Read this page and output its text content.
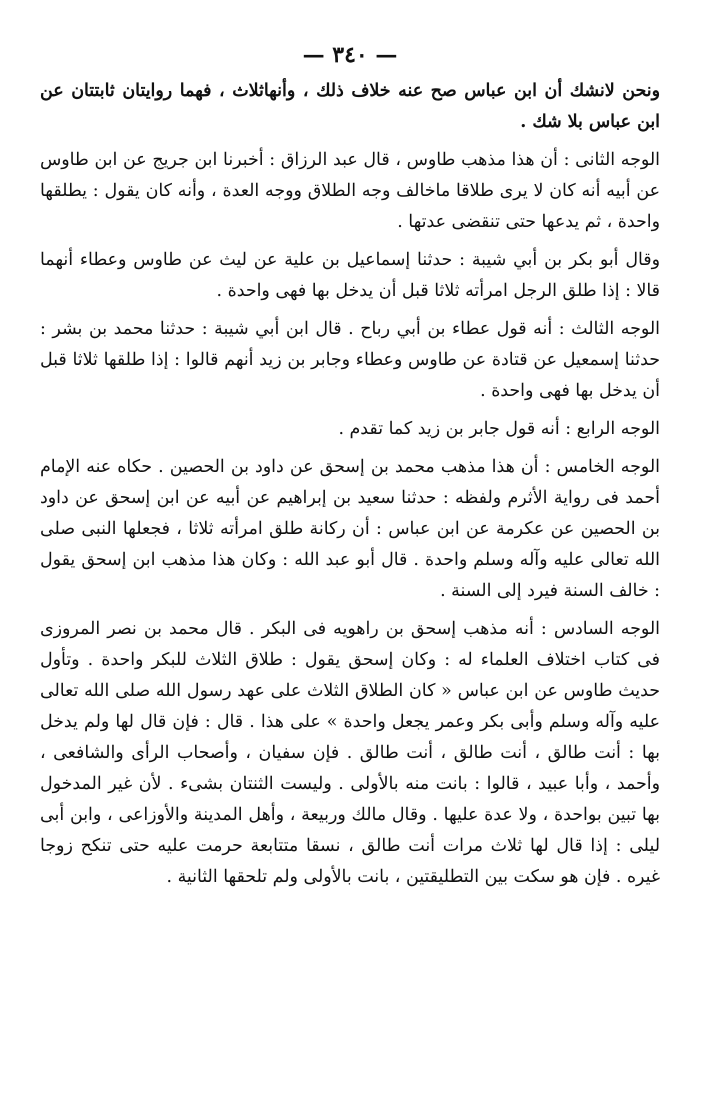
— ٣٤٠ —

ونحن لانشك أن ابن عباس صح عنه خلاف ذلك ، وأنهاثلاث ، فهما روايتان ثابتتان عن ابن عباس بلا شك .

الوجه الثانى : أن هذا مذهب طاوس ، قال عبد الرزاق : أخبرنا ابن جريج عن ابن طاوس عن أبيه أنه كان لا يرى طلاقا ماخالف وجه الطلاق ووجه العدة ، وأنه كان يقول : يطلقها واحدة ، ثم يدعها حتى تنقضى عدتها .

وقال أبو بكر بن أبي شيبة : حدثنا إسماعيل بن علية عن ليث عن طاوس وعطاء أنهما قالا : إذا طلق الرجل امرأته ثلاثا قبل أن يدخل بها فهى واحدة .

الوجه الثالث : أنه قول عطاء بن أبي رباح . قال ابن أبي شيبة : حدثنا محمد بن بشر : حدثنا إسمعيل عن قتادة عن طاوس وعطاء وجابر بن زيد أنهم قالوا : إذا طلقها ثلاثا قبل أن يدخل بها فهى واحدة .

الوجه الرابع : أنه قول جابر بن زيد كما تقدم .

الوجه الخامس : أن هذا مذهب محمد بن إسحق عن داود بن الحصين . حكاه عنه الإمام أحمد فى رواية الأثرم ولفظه : حدثنا سعيد بن إبراهيم عن أبيه عن ابن إسحق عن داود بن الحصين عن عكرمة عن ابن عباس : أن ركانة طلق امرأته ثلاثا ، فجعلها النبى صلى الله تعالى عليه وآله وسلم واحدة . قال أبو عبد الله : وكان هذا مذهب ابن إسحق يقول : خالف السنة فيرد إلى السنة .

الوجه السادس : أنه مذهب إسحق بن راهويه فى البكر . قال محمد بن نصر المروزى فى كتاب اختلاف العلماء له : وكان إسحق يقول : طلاق الثلاث للبكر واحدة . وتأول حديث طاوس عن ابن عباس « كان الطلاق الثلاث على عهد رسول الله صلى الله تعالى عليه وآله وسلم وأبى بكر وعمر يجعل واحدة » على هذا . قال : فإن قال لها ولم يدخل بها : أنت طالق ، أنت طالق ، أنت طالق . فإن سفيان ، وأصحاب الرأى والشافعى ، وأحمد ، وأبا عبيد ، قالوا : بانت منه بالأولى . وليست الثنتان بشىء . لأن غير المدخول بها تبين بواحدة ، ولا عدة عليها . وقال مالك وربيعة ، وأهل المدينة والأوزاعى ، وابن أبى ليلى : إذا قال لها ثلاث مرات أنت طالق ، نسقا متتابعة حرمت عليه حتى تنكح زوجا غيره . فإن هو سكت بين التطليقتين ، بانت بالأولى ولم تلحقها الثانية .
